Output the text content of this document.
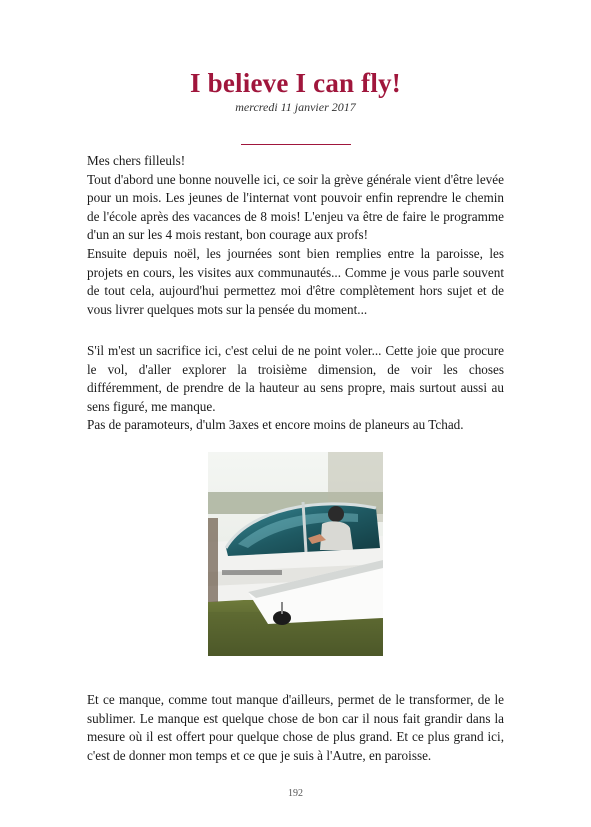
I believe I can fly!
mercredi 11 janvier 2017

Mes chers filleuls!

Tout d'abord une bonne nouvelle ici, ce soir la grève générale vient d'être levée pour un mois. Les jeunes de l'internat vont pouvoir enfin reprendre le chemin de l'école après des vacances de 8 mois! L'enjeu va être de faire le programme d'un an sur les 4 mois restant, bon courage aux profs!

Ensuite depuis noël, les journées sont bien remplies entre la paroisse, les projets en cours, les visites aux communautés... Comme je vous parle souvent de tout cela, aujourd'hui permettez moi d'être complètement hors sujet et de vous livrer quelques mots sur la pensée du moment...

S'il m'est un sacrifice ici, c'est celui de ne point voler... Cette joie que procure le vol, d'aller explorer la troisième dimension, de voir les choses différemment, de prendre de la hauteur au sens propre, mais surtout aussi au sens figuré, me manque.

Pas de paramoteurs, d'ulm 3axes et encore moins de planeurs au Tchad.

Et ce manque, comme tout manque d'ailleurs, permet de le transformer, de le sublimer. Le manque est quelque chose de bon car il nous fait grandir dans la mesure où il est offert pour quelque chose de plus grand. Et ce plus grand ici, c'est de donner mon temps et ce que je suis à l'Autre, en paroisse.

192
